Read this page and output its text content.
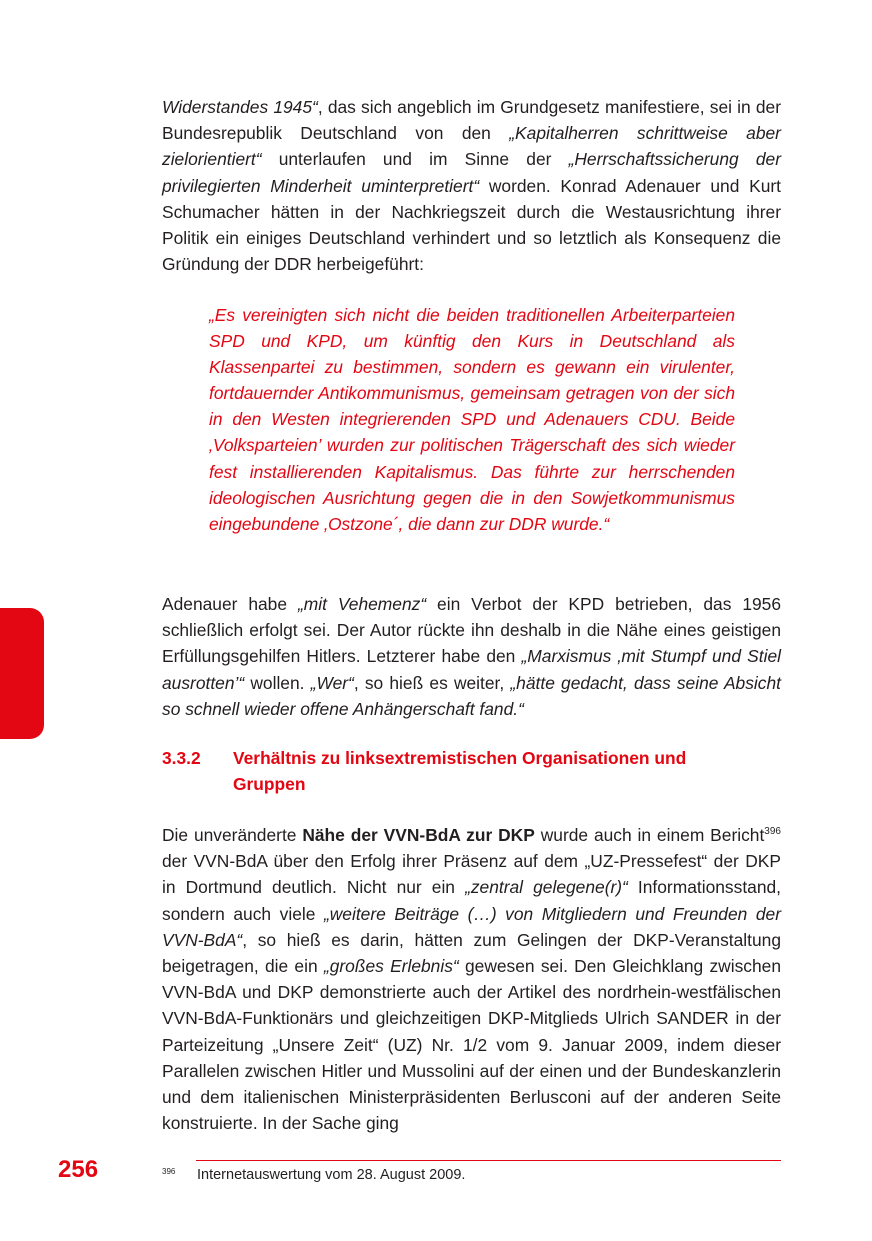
Widerstandes 1945“, das sich angeblich im Grundgesetz manifestiere, sei in der Bundesrepublik Deutschland von den „Kapitalherren schrittweise aber zielorientiert“ unterlaufen und im Sinne der „Herrschaftssicherung der privilegierten Minderheit uminterpretiert“ worden. Konrad Adenauer und Kurt Schumacher hätten in der Nachkriegszeit durch die Westausrichtung ihrer Politik ein einiges Deutschland verhindert und so letztlich als Konsequenz die Gründung der DDR herbeigeführt:

„Es vereinigten sich nicht die beiden traditionellen Arbeiterparteien SPD und KPD, um künftig den Kurs in Deutschland als Klassenpartei zu bestimmen, sondern es gewann ein virulenter, fortdauernder Antikommunismus, gemeinsam getragen von der sich in den Westen integrierenden SPD und Adenauers CDU. Beide ‚Volksparteien’ wurden zur politischen Trägerschaft des sich wieder fest installierenden Kapitalismus. Das führte zur herrschenden ideologischen Ausrichtung gegen die in den Sowjetkommunismus eingebundene ‚Ostzone´, die dann zur DDR wurde.“

Adenauer habe „mit Vehemenz“ ein Verbot der KPD betrieben, das 1956 schließlich erfolgt sei. Der Autor rückte ihn deshalb in die Nähe eines geistigen Erfüllungsgehilfen Hitlers. Letzterer habe den „Marxismus ‚mit Stumpf und Stiel ausrotten’“ wollen. „Wer“, so hieß es weiter, „hätte gedacht, dass seine Absicht so schnell wieder offene Anhängerschaft fand.“

3.3.2 Verhältnis zu linksextremistischen Organisationen und Gruppen

Die unveränderte Nähe der VVN-BdA zur DKP wurde auch in einem Bericht$^{396}$ der VVN-BdA über den Erfolg ihrer Präsenz auf dem „UZ-Pressefest“ der DKP in Dortmund deutlich. Nicht nur ein „zentral gelegene(r)“ Informationsstand, sondern auch viele „weitere Beiträge (…) von Mitgliedern und Freunden der VVN-BdA“, so hieß es darin, hätten zum Gelingen der DKP-Veranstaltung beigetragen, die ein „großes Erlebnis“ gewesen sei. Den Gleichklang zwischen VVN-BdA und DKP demonstrierte auch der Artikel des nordrhein-westfälischen VVN-BdA-Funktionärs und gleichzeitigen DKP-Mitglieds Ulrich SANDER in der Parteizeitung „Unsere Zeit“ (UZ) Nr. 1/2 vom 9. Januar 2009, indem dieser Parallelen zwischen Hitler und Mussolini auf der einen und der Bundeskanzlerin und dem italienischen Ministerpräsidenten Berlusconi auf der anderen Seite konstruierte. In der Sache ging

256	396 Internetauswertung vom 28. August 2009.
